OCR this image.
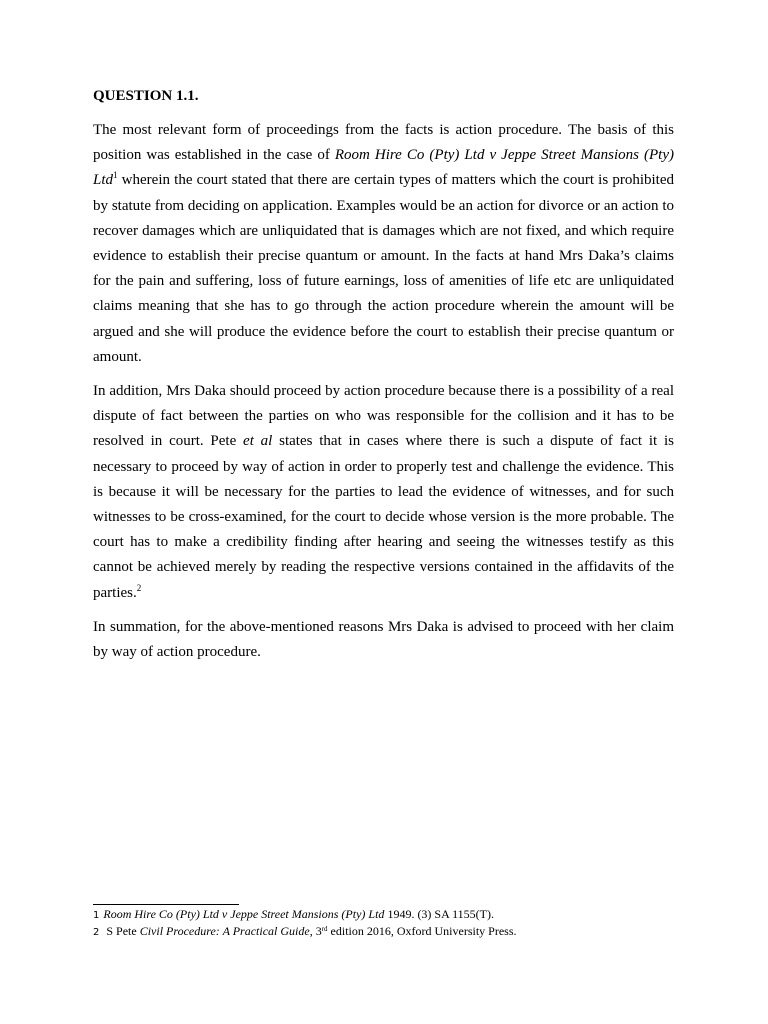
QUESTION 1.1.

The most relevant form of proceedings from the facts is action procedure. The basis of this position was established in the case of Room Hire Co (Pty) Ltd v Jeppe Street Mansions (Pty) Ltd$^1$ wherein the court stated that there are certain types of matters which the court is prohibited by statute from deciding on application. Examples would be an action for divorce or an action to recover damages which are unliquidated that is damages which are not fixed, and which require evidence to establish their precise quantum or amount. In the facts at hand Mrs Daka’s claims for the pain and suffering, loss of future earnings, loss of amenities of life etc are unliquidated claims meaning that she has to go through the action procedure wherein the amount will be argued and she will produce the evidence before the court to establish their precise quantum or amount.

In addition, Mrs Daka should proceed by action procedure because there is a possibility of a real dispute of fact between the parties on who was responsible for the collision and it has to be resolved in court. Pete et al states that in cases where there is such a dispute of fact it is necessary to proceed by way of action in order to properly test and challenge the evidence. This is because it will be necessary for the parties to lead the evidence of witnesses, and for such witnesses to be cross-examined, for the court to decide whose version is the more probable. The court has to make a credibility finding after hearing and seeing the witnesses testify as this cannot be achieved merely by reading the respective versions contained in the affidavits of the parties.$^2$

In summation, for the above-mentioned reasons Mrs Daka is advised to proceed with her claim by way of action procedure.

1 Room Hire Co (Pty) Ltd v Jeppe Street Mansions (Pty) Ltd 1949. (3) SA 1155(T).
2 S Pete Civil Procedure: A Practical Guide, 3rd edition 2016, Oxford University Press.
